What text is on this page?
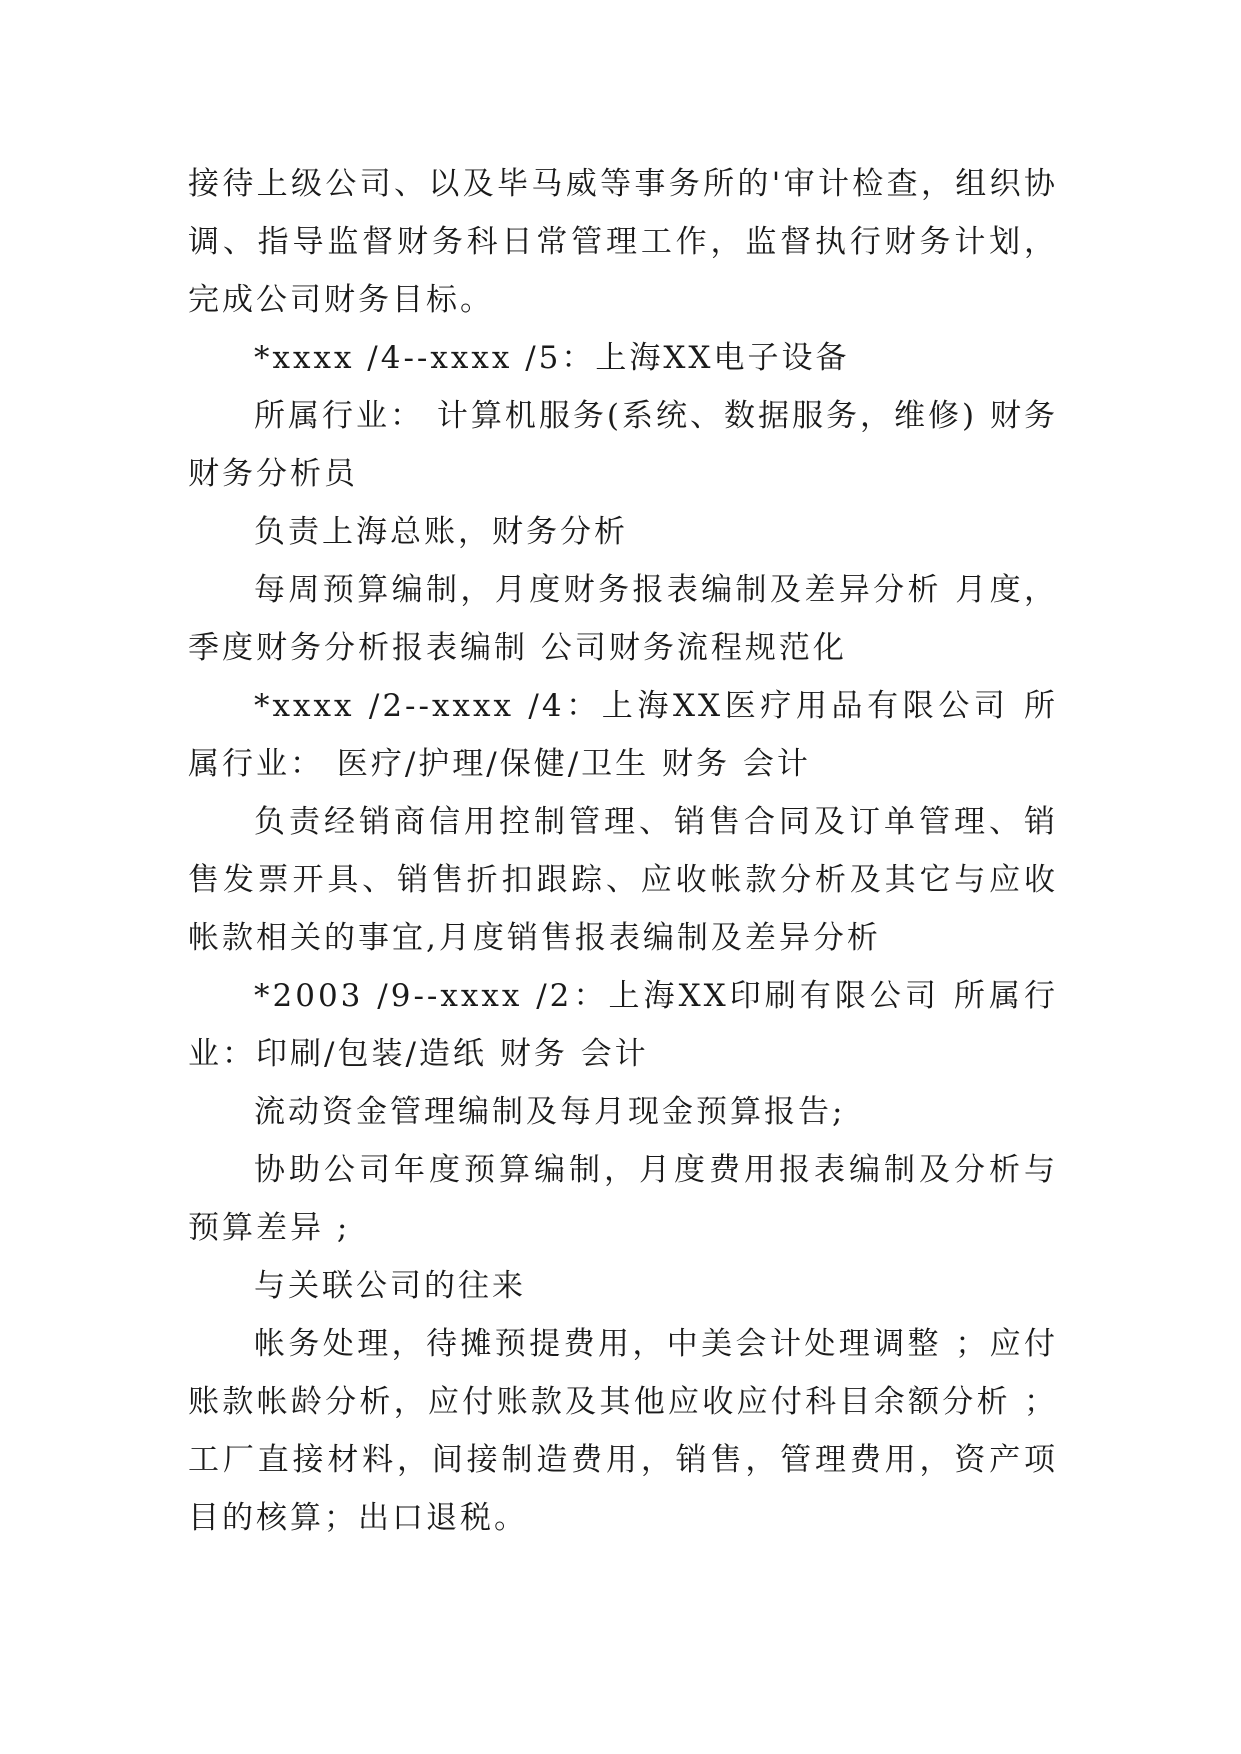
接待上级公司、以及毕马威等事务所的'审计检查，组织协调、指导监督财务科日常管理工作，监督执行财务计划，完成公司财务目标。

*xxxx /4--xxxx /5：上海XX电子设备

所属行业： 计算机服务(系统、数据服务，维修) 财务 财务分析员

负责上海总账，财务分析

每周预算编制，月度财务报表编制及差异分析 月度，季度财务分析报表编制 公司财务流程规范化

*xxxx /2--xxxx /4：上海XX医疗用品有限公司 所属行业： 医疗/护理/保健/卫生 财务 会计

负责经销商信用控制管理、销售合同及订单管理、销售发票开具、销售折扣跟踪、应收帐款分析及其它与应收帐款相关的事宜,月度销售报表编制及差异分析

*2003 /9--xxxx /2：上海XX印刷有限公司 所属行业：印刷/包装/造纸 财务 会计

流动资金管理编制及每月现金预算报告;

协助公司年度预算编制，月度费用报表编制及分析与预算差异 ;

与关联公司的往来

帐务处理，待摊预提费用，中美会计处理调整 ；应付账款帐龄分析，应付账款及其他应收应付科目余额分析 ；工厂直接材料，间接制造费用，销售，管理费用，资产项目的核算；出口退税。
